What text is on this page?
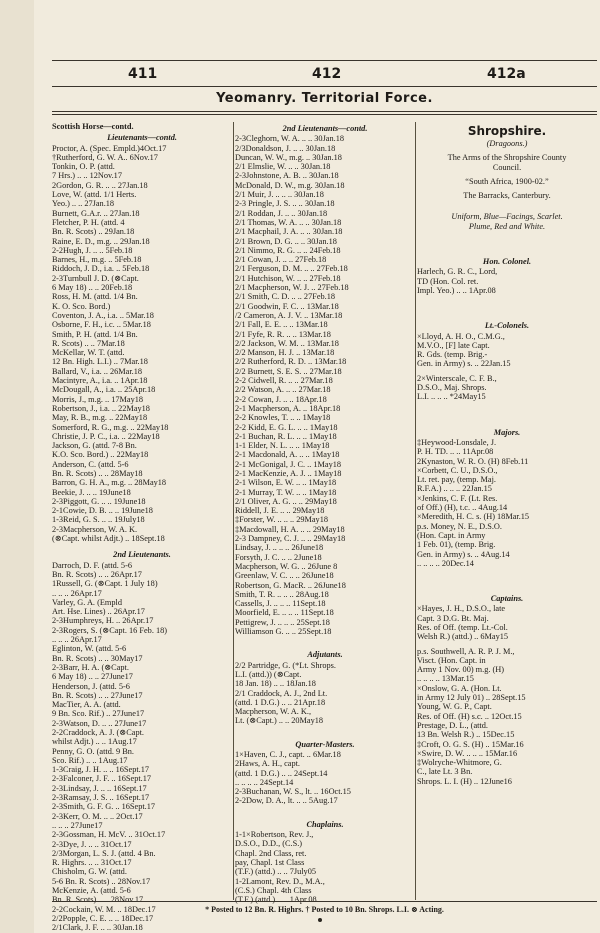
411	412	412a
Yeomanry. Territorial Force.
Scottish Horse—contd.
Lieutenants—contd.
Proctor, A. (Spec. Empld.)4Oct.17
†Rutherford, G. W. A.. 6Nov.17
Tonkin, O. P. (attd.
7 Hrs.) .. .. 12Nov.17
2Gordon, G. R. .. .. 27Jan.18
Love, W. (attd. 1/1 Herts.
Yeo.) .. .. 27Jan.18
Burnett, G.A.r. .. 27Jan.18
Fletcher, P. H. (attd. 4
Bn. R. Scots) .. 29Jan.18
Raine, E. D., m.g. .. 29Jan.18
2-2Hugh, J. .. .. 5Feb.18
Barnes, H., m.g. .. 5Feb.18
Riddoch, J. D., i.a. .. 5Feb.18
2-3Turnbull J. D. (⊗Capt.
6 May 18) .. .. 20Feb.18
Ross, H. M. (attd. 1/4 Bn.
K. O. Sco. Bord.)
Coventon, J. A., i.a. .. 5Mar.18
Osborne, F. H., i.c. .. 5Mar.18
Smith, P. H. (attd. 1/4 Bn.
R. Scots) .. .. 7Mar.18
McKellar, W. T. (attd.
12 Bn. High. L.I.) .. 7Mar.18
Ballard, V., i.a. .. 26Mar.18
Macintyre, A., i.a. .. 1Apr.18
McDougall, A., i.a. .. 25Apr.18
Morris, J., m.g. .. 17May18
Robertson, J., i.a. .. 22May18
May, R. B., m.g. .. 22May18
Somerford, R. G., m.g. .. 22May18
Christie, J. P. C., i.a. .. 22May18
Jackson, G. (attd. 7-8 Bn.
K.O. Sco. Bord.) .. 22May18
Anderson, C. (attd. 5-6
Bn. R. Scots) .. .. 28May18
Barron, G. H. A., m.g. .. 28May18
Beekie, J. .. .. 19June18
2-3Piggott, G. .. .. 19June18
2-1Cowie, D. B. .. .. 19June18
1-3Reid, G. S. .. .. 19July18
2-3Macpherson, W. A. K.
(⊗Capt. whilst Adjt.) .. 18Sept.18
2nd Lieutenants.
Darroch, D. F. (attd. 5-6
Bn. R. Scots) .. .. 26Apr.17
1Russell, G. (⊗Capt. 1 July 18)
.. .. .. 26Apr.17
Varley, G. A. (Empld
Art. Hse. Lines) .. 26Apr.17
2-3Humphreys, H. .. 26Apr.17
2-3Rogers, S. (⊗Capt. 16 Feb. 18)
.. .. .. 26Apr.17
Eglinton, W. (attd. 5-6
Bn. R. Scots) .. .. 30May17
2-3Barr, H. A. (⊗Capt.
6 May 18) .. .. 27June17
Henderson, J. (attd. 5-6
Bn. R. Scots) .. .. 27June17
MacTier, A. A. (attd.
9 Bn. Sco. Rif.) .. 27June17
2-3Watson, D. .. .. 27June17
2-2Craddock, A. J. (⊗Capt.
whilst Adjt.) .. .. 1Aug.17
Penny, G. O. (attd. 9 Bn.
Sco. Rif.) .. .. 1Aug.17
1-3Craig, J. H. .. .. 16Sept.17
2-3Falconer, J. F. .. 16Sept.17
2-3Lindsay, J. .. .. 16Sept.17
2-3Ramsay, J. S. .. 16Sept.17
2-3Smith, G. F. G. .. 16Sept.17
2-3Kerr, O. M. .. .. 2Oct.17
.. .. .. 27June17
2-3Gossman, H. McV. .. 31Oct.17
2-3Dye, J. .. .. 31Oct.17
2/3Morgan, L. S. J. (attd. 4 Bn.
R. Highrs. .. .. 31Oct.17
Chisholm, G. W. (attd.
5-6 Bn. R. Scots) .. 28Nov.17
McKenzie, A. (attd. 5-6
Bn. R. Scots) .. .. 28Nov.17
2-2Cockain, W. M. .. 18Dec.17
2/2Popple, C. E. .. .. 18Dec.17
2/1Clark, J. F. .. .. 30Jan.18
2nd Lieutenants—contd.
2-3Cleghorn, W. A. .. .. 30Jan.18
2/3Donaldson, J. .. .. 30Jan.18
Duncan, W. W., m.g. .. 30Jan.18
2/1 Elmslie, W. .. .. 30Jan.18
2-3Johnstone, A. B. .. 30Jan.18
McDonald, D. W., m.g. 30Jan.18
2/1 Muir, J. .. .. .. 30Jan.18
2-3 Pringle, J. S. .. .. 30Jan.18
2/1 Roddan, J. .. .. 30Jan.18
2/1 Thomas, W. A. .. .. 30Jan.18
2/1 Macphail, J. A. .. .. 30Jan.18
2/1 Brown, D. G. .. .. 30Jan.18
2/1 Nimmo, R. G. .. .. 24Feb.18
2/1 Cowan, J. .. .. 27Feb.18
2/1 Ferguson, D. M. .. .. 27Feb.18
2/1 Hutchison, W. .. .. 27Feb.18
2/1 Macpherson, W. J. .. 27Feb.18
2/1 Smith, C. D. .. .. 27Feb.18
2/1 Goodwin, F. C. .. 13Mar.18
/2 Cameron, A. J. V. .. 13Mar.18
2/1 Fall, E. E. .. .. 13Mar.18
2/1 Fyfe, R. R. .. .. 13Mar.18
2/2 Jackson, W. M. .. 13Mar.18
2/2 Manson, H. J. .. 13Mar.18
2/2 Rutherford, R. D. .. 13Mar.18
2/2 Burnett, S. E. S. .. 27Mar.18
2-2 Cidwell, R. .. .. 27Mar.18
2/2 Watson, A. .. .. 27Mar.18
2-2 Cowan, J. .. .. 18Apr.18
2-1 Macpherson, A. .. 18Apr.18
2-2 Knowles, T. .. .. 1May18
2-2 Kidd, E. G. L. .. .. 1May18
2-1 Buchan, R. L. .. .. 1May18
1-1 Elder, N. L. .. .. 1May18
2-1 Macdonald, A. .. .. 1May18
2-1 McGonigal, J. C. .. 1May18
2-1 MacKenzie, A. J. .. 1May18
2-1 Wilson, E. W. .. .. 1May18
2-1 Murray, T. W. .. .. 1May18
2/1 Oliver, A. G. .. .. 29May18
Riddell, J. E. .. .. 29May18
‡Forster, W. .. .. .. 29May18
‡Macdowall, H. A. .. .. 29May18
2-3 Dampney, C. J. .. .. 29May18
Lindsay, J. .. .. .. 26June18
Forsyth, J. C. .. .. 2June18
Macpherson, W. G. .. 26June 8
Greenlaw, V. C. .. .. 26June18
Robertson, G. MacR. .. 26June18
Smith, T. R. .. .. .. 28Aug.18
Cassells, J. .. .. .. 11Sept.18
Moorfield, E. .. .. .. 11Sept.18
Pettigrew, J. .. .. .. 25Sept.18
Williamson G. .. .. 25Sept.18
Adjutants.
2/2 Partridge, G. (*Lt. Shrops.
L.I. (attd.)) (⊗Capt.
18 Jan. 18) .. .. 18Jan.18
2/1 Craddock, A. J., 2nd Lt.
(attd. 1 D.G.) .. .. 21Apr.18
Macpherson, W. A. K.,
Lt. (⊗Capt.) .. .. 20May18
Quarter-Masters.
1×Haven, C. J., capt. .. 6Mar.18
2Haws, A. H., capt.
(attd. 1 D.G.) .. .. 24Sept.14
.. .. .. .. 24Sept.14
2-3Buchanan, W. S., lt. .. 16Oct.15
2-2Dow, D. A., lt. .. .. 5Aug.17
Chaplains.
1-1×Robertson, Rev. J.,
D.S.O., D.D., (C.S.)
Chapl. 2nd Class, ret.
pay, Chapl. 1st Class
(T.F.) (attd.) .. .. 7July05
1-2Lamont, Rev. D., M.A.,
(C.S.) Chapl. 4th Class
(T.F.) (attd.) .. .. 1Apr.08
Shropshire.
(Dragoons.)
The Arms of the Shropshire County
Council.
“South Africa, 1900-02.”
The Barracks, Canterbury.
Uniform, Blue—Facings, Scarlet.
Plume, Red and White.
Hon. Colonel.
Harlech, G. R. C., Lord,
TD (Hon. Col. ret.
Impl. Yeo.) .. .. 1Apr.08
Lt.-Colonels.
×Lloyd, A. H. O., C.M.G.,
M.V.O., [F] late Capt.
R. Gds. (temp. Brig.-
Gen. in Army) s. .. 22Jan.15
2×Winterscale, C. F. B.,
D.S.O., Maj. Shrops.
L.I. .. .. .. *24May15
Majors.
‡Heywood-Lonsdale, J.
P. H. TD. .. .. 11Apr.08
2Kynaston, W. R. O. (H) 8Feb.11
×Corbett, C. U., D.S.O.,
Lt. ret. pay, (temp. Maj.
R.F.A.) .. .. .. 22Jan.15
×Jenkins, C. F. (Lt. Res.
of Off.) (H), t.c. .. 4Aug.14
×Meredith, H. C. s. (H) 18Mar.15
p.s. Money, N. E., D.S.O.
(Hon. Capt. in Army
1 Feb. 01), (temp. Brig.
Gen. in Army) s. .. 4Aug.14
.. .. .. .. 20Dec.14
Captains.
×Hayes, J. H., D.S.O., late
Capt. 3 D.G. Bt. Maj.
Res. of Off. (temp. Lt.-Col.
Welsh R.) (attd.) .. 6May15
p.s. Southwell, A. R. P. J. M.,
Visct. (Hon. Capt. in
Army 1 Nov. 00) m.g. (H)
.. .. .. .. 13Mar.15
×Onslow, G. A. (Hon. Lt.
in Army 12 July 01) .. 28Sept.15
Young, W. G. P., Capt.
Res. of Off. (H) s.c. .. 12Oct.15
Prestage, D. L., (attd.
13 Bn. Welsh R.) .. 15Dec.15
‡Croft, O. G. S. (H) .. 15Mar.16
×Swire, D. W. .. .. .. 15Mar.16
‡Wolryche-Whitmore, G.
C., late Lt. 3 Bn.
Shrops. L. I. (H) .. 12June16
* Posted to 12 Bn. R. Highrs. † Posted to 10 Bn. Shrops. L.I. ⊗ Acting.
